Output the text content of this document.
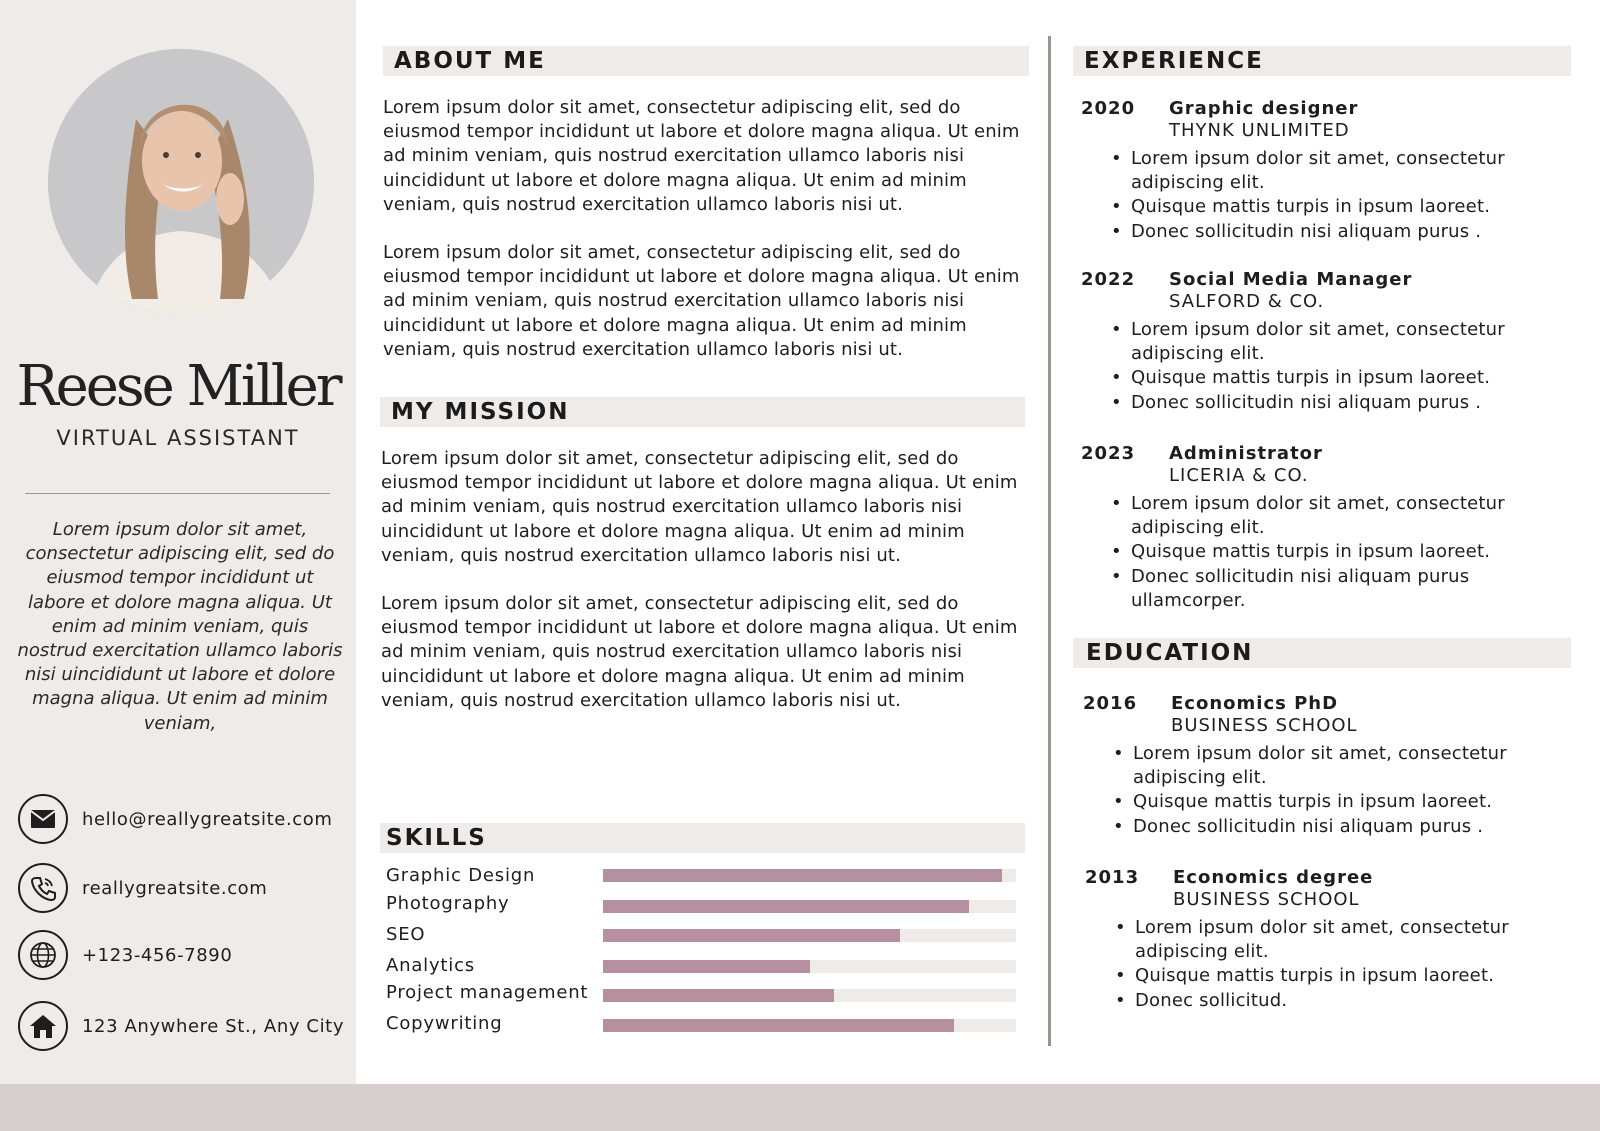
Reese Miller
VIRTUAL ASSISTANT
Lorem ipsum dolor sit amet, consectetur adipiscing elit, sed do eiusmod tempor incididunt ut labore et dolore magna aliqua. Ut enim ad minim veniam, quis nostrud exercitation ullamco laboris nisi uincididunt ut labore et dolore magna aliqua. Ut enim ad minim veniam,
hello@reallygreatsite.com
reallygreatsite.com
+123-456-7890
123 Anywhere St., Any City
ABOUT ME
Lorem ipsum dolor sit amet, consectetur adipiscing elit, sed do eiusmod tempor incididunt ut labore et dolore magna aliqua. Ut enim ad minim veniam, quis nostrud exercitation ullamco laboris nisi uincididunt ut labore et dolore magna aliqua. Ut enim ad minim veniam, quis nostrud exercitation ullamco laboris nisi ut.
Lorem ipsum dolor sit amet, consectetur adipiscing elit, sed do eiusmod tempor incididunt ut labore et dolore magna aliqua. Ut enim ad minim veniam, quis nostrud exercitation ullamco laboris nisi uincididunt ut labore et dolore magna aliqua. Ut enim ad minim veniam, quis nostrud exercitation ullamco laboris nisi ut.
MY MISSION
Lorem ipsum dolor sit amet, consectetur adipiscing elit, sed do eiusmod tempor incididunt ut labore et dolore magna aliqua. Ut enim ad minim veniam, quis nostrud exercitation ullamco laboris nisi uincididunt ut labore et dolore magna aliqua. Ut enim ad minim veniam, quis nostrud exercitation ullamco laboris nisi ut.
Lorem ipsum dolor sit amet, consectetur adipiscing elit, sed do eiusmod tempor incididunt ut labore et dolore magna aliqua. Ut enim ad minim veniam, quis nostrud exercitation ullamco laboris nisi uincididunt ut labore et dolore magna aliqua. Ut enim ad minim veniam, quis nostrud exercitation ullamco laboris nisi ut.
SKILLS
Graphic Design
Photography
SEO
Analytics
Project management
Copywriting
EXPERIENCE
2020 Graphic designer
THYNK UNLIMITED
• Lorem ipsum dolor sit amet, consectetur adipiscing elit.
• Quisque mattis turpis in ipsum laoreet.
• Donec sollicitudin nisi aliquam purus .
2022 Social Media Manager
SALFORD & CO.
• Lorem ipsum dolor sit amet, consectetur adipiscing elit.
• Quisque mattis turpis in ipsum laoreet.
• Donec sollicitudin nisi aliquam purus .
2023 Administrator
LICERIA & CO.
• Lorem ipsum dolor sit amet, consectetur adipiscing elit.
• Quisque mattis turpis in ipsum laoreet.
• Donec sollicitudin nisi aliquam purus ullamcorper.
EDUCATION
2016 Economics PhD
BUSINESS SCHOOL
• Lorem ipsum dolor sit amet, consectetur adipiscing elit.
• Quisque mattis turpis in ipsum laoreet.
• Donec sollicitudin nisi aliquam purus .
2013 Economics degree
BUSINESS SCHOOL
• Lorem ipsum dolor sit amet, consectetur adipiscing elit.
• Quisque mattis turpis in ipsum laoreet.
• Donec sollicitud.
